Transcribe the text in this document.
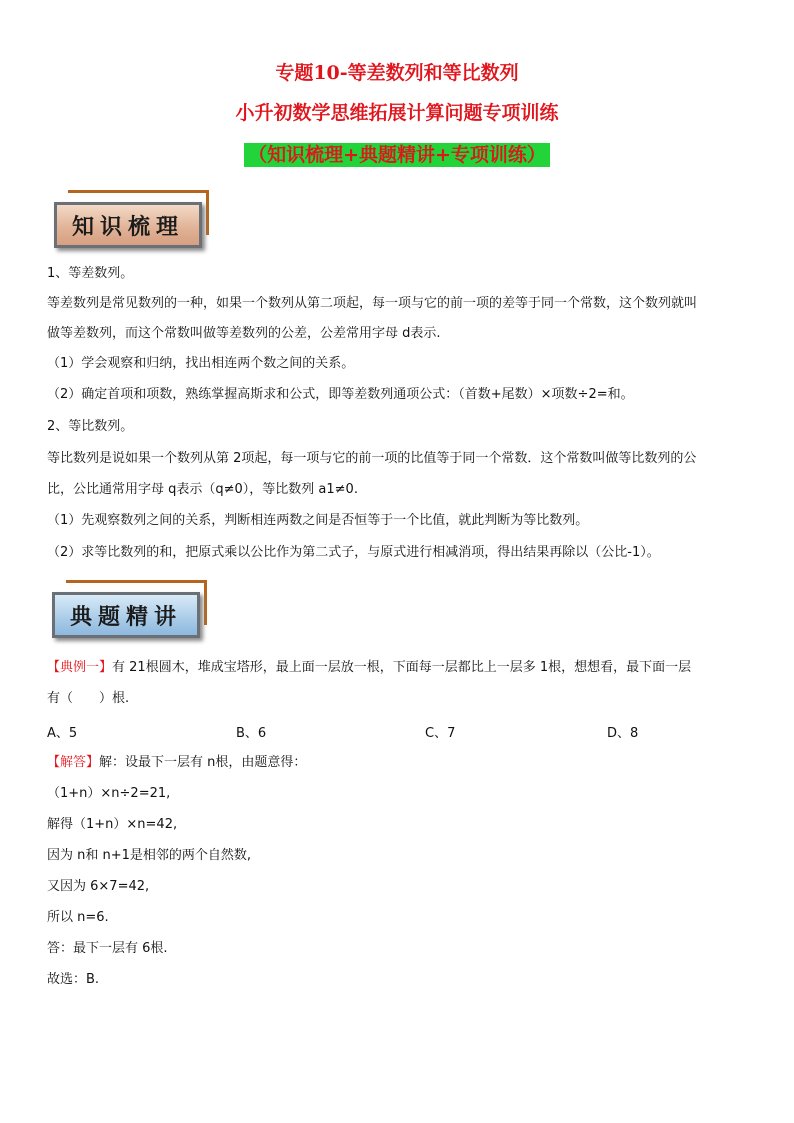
专题10-等差数列和等比数列
小升初数学思维拓展计算问题专项训练
（知识梳理+典题精讲+专项训练）
知识梳理
1、等差数列。
等差数列是常见数列的一种，如果一个数列从第二项起，每一项与它的前一项的差等于同一个常数，这个数列就叫
做等差数列，而这个常数叫做等差数列的公差，公差常用字母 d表示.
（1）学会观察和归纳，找出相连两个数之间的关系。
（2）确定首项和项数，熟练掌握高斯求和公式，即等差数列通项公式：（首数+尾数）×项数÷2=和。
2、等比数列。
等比数列是说如果一个数列从第 2项起，每一项与它的前一项的比值等于同一个常数．这个常数叫做等比数列的公
比，公比通常用字母 q表示（q≠0），等比数列 a1≠0.
（1）先观察数列之间的关系，判断相连两数之间是否恒等于一个比值，就此判断为等比数列。
（2）求等比数列的和，把原式乘以公比作为第二式子，与原式进行相减消项，得出结果再除以（公比-1）。
典题精讲
【典例一】有 21根圆木，堆成宝塔形，最上面一层放一根，下面每一层都比上一层多 1根，想想看，最下面一层
有（　　）根.
A、5	B、6	C、7	D、8
【解答】解：设最下一层有 n根，由题意得：
（1+n）×n÷2=21,
解得（1+n）×n=42,
因为 n和 n+1是相邻的两个自然数,
又因为 6×7=42,
所以 n=6.
答：最下一层有 6根.
故选：B.
